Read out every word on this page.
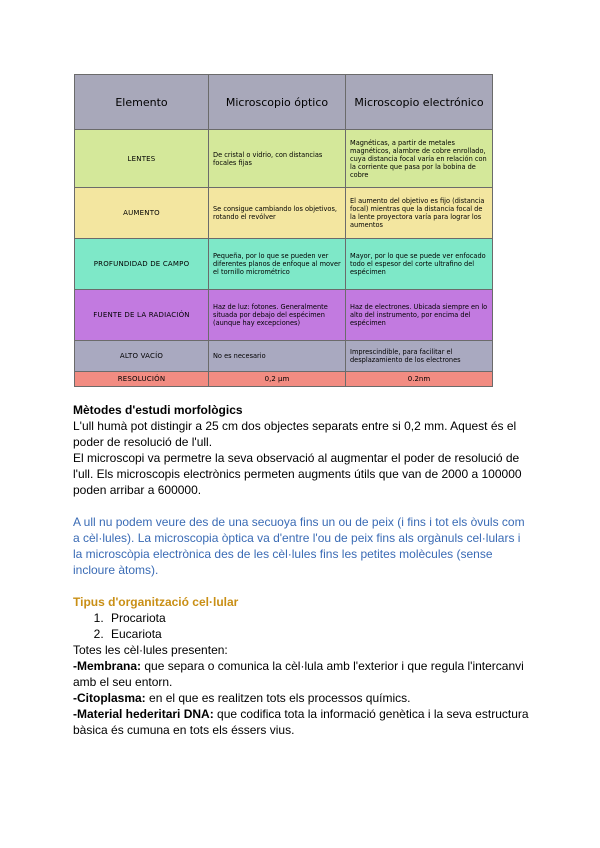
Elemento	Microscopio óptico	Microscopio electrónico
LENTES	De cristal o vidrio, con distancias focales fijas	Magnéticas, a partir de metales magnéticos, alambre de cobre enrollado, cuya distancia focal varía en relación con la corriente que pasa por la bobina de cobre
AUMENTO	Se consigue cambiando los objetivos, rotando el revólver	El aumento del objetivo es fijo (distancia focal) mientras que la distancia focal de la lente proyectora varía para lograr los aumentos
PROFUNDIDAD DE CAMPO	Pequeña, por lo que se pueden ver diferentes planos de enfoque al mover el tornillo micrométrico	Mayor, por lo que se puede ver enfocado todo el espesor del corte ultrafino del espécimen
FUENTE DE LA RADIACIÓN	Haz de luz: fotones. Generalmente situada por debajo del espécimen (aunque hay excepciones)	Haz de electrones. Ubicada siempre en lo alto del instrumento, por encima del espécimen
ALTO VACÍO	No es necesario	Imprescindible, para facilitar el desplazamiento de los electrones
RESOLUCIÓN	0,2 µm	0.2nm

Mètodes d'estudi morfològics

L'ull humà pot distingir a 25 cm dos objectes separats entre si 0,2 mm. Aquest és el poder de resolució de l'ull.

El microscopi va permetre la seva observació al augmentar el poder de resolució de l'ull. Els microscopis electrònics permeten augments útils que van de 2000 a 100000 poden arribar a 600000.

A ull nu podem veure des de una secuoya fins un ou de peix (i fins i tot els òvuls com a cèl·lules). La microscopia òptica va d'entre l'ou de peix fins als orgànuls cel·lulars i la microscòpia electrònica des de les cèl·lules fins les petites molècules (sense incloure àtoms).

Tipus d'organització cel·lular

1. Procariota
2. Eucariota

Totes les cèl·lules presenten:

-Membrana: que separa o comunica la cèl·lula amb l'exterior i que regula l'intercanvi amb el seu entorn.

-Citoplasma: en el que es realitzen tots els processos químics.

-Material hederitari DNA: que codifica tota la informació genètica i la seva estructura bàsica és cumuna en tots els éssers vius.
